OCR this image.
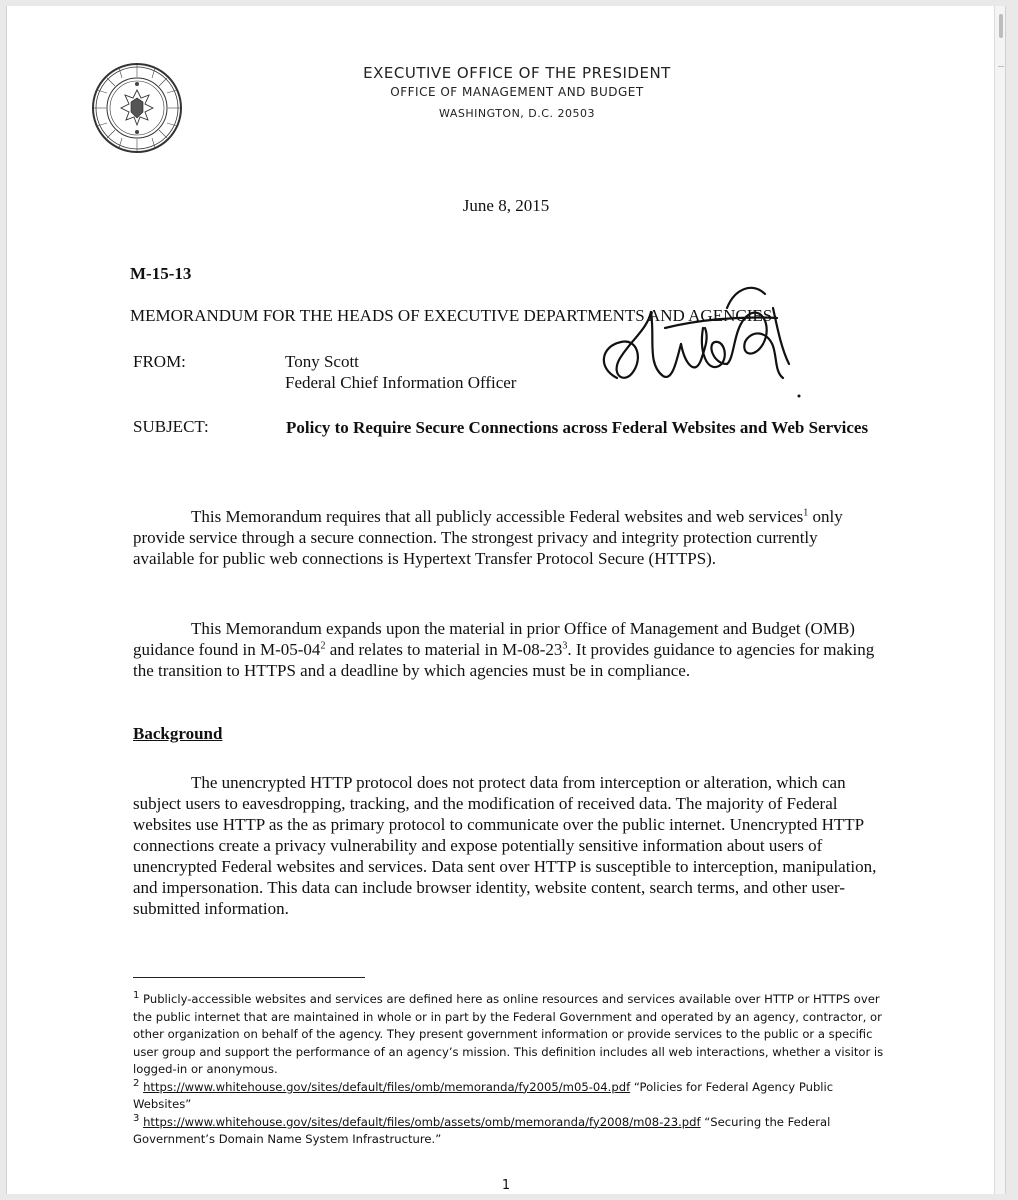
EXECUTIVE OFFICE OF THE PRESIDENT
OFFICE OF MANAGEMENT AND BUDGET
WASHINGTON, D.C. 20503
June 8, 2015
M-15-13
MEMORANDUM FOR THE HEADS OF EXECUTIVE DEPARTMENTS AND AGENCIES
FROM:	Tony Scott
Federal Chief Information Officer
SUBJECT:	Policy to Require Secure Connections across Federal Websites and Web Services

This Memorandum requires that all publicly accessible Federal websites and web services$^1$ only provide service through a secure connection. The strongest privacy and integrity protection currently available for public web connections is Hypertext Transfer Protocol Secure (HTTPS).

This Memorandum expands upon the material in prior Office of Management and Budget (OMB) guidance found in $M-05-04^2$ and relates to material in $M-08-23^3$. It provides guidance to agencies for making the transition to HTTPS and a deadline by which agencies must be in compliance.

Background

The unencrypted HTTP protocol does not protect data from interception or alteration, which can subject users to eavesdropping, tracking, and the modification of received data. The majority of Federal websites use HTTP as the as primary protocol to communicate over the public internet. Unencrypted HTTP connections create a privacy vulnerability and expose potentially sensitive information about users of unencrypted Federal websites and services. Data sent over HTTP is susceptible to interception, manipulation, and impersonation. This data can include browser identity, website content, search terms, and other user-submitted information.

$^1$ Publicly-accessible websites and services are defined here as online resources and services available over HTTP or HTTPS over the public internet that are maintained in whole or in part by the Federal Government and operated by an agency, contractor, or other organization on behalf of the agency. They present government information or provide services to the public or a specific user group and support the performance of an agency’s mission. This definition includes all web interactions, whether a visitor is logged-in or anonymous.

$^2$ https://www.whitehouse.gov/sites/default/files/omb/memoranda/fy2005/m05-04.pdf “Policies for Federal Agency Public Websites”

$^3$ https://www.whitehouse.gov/sites/default/files/omb/assets/omb/memoranda/fy2008/m08-23.pdf “Securing the Federal Government’s Domain Name System Infrastructure.”

1
